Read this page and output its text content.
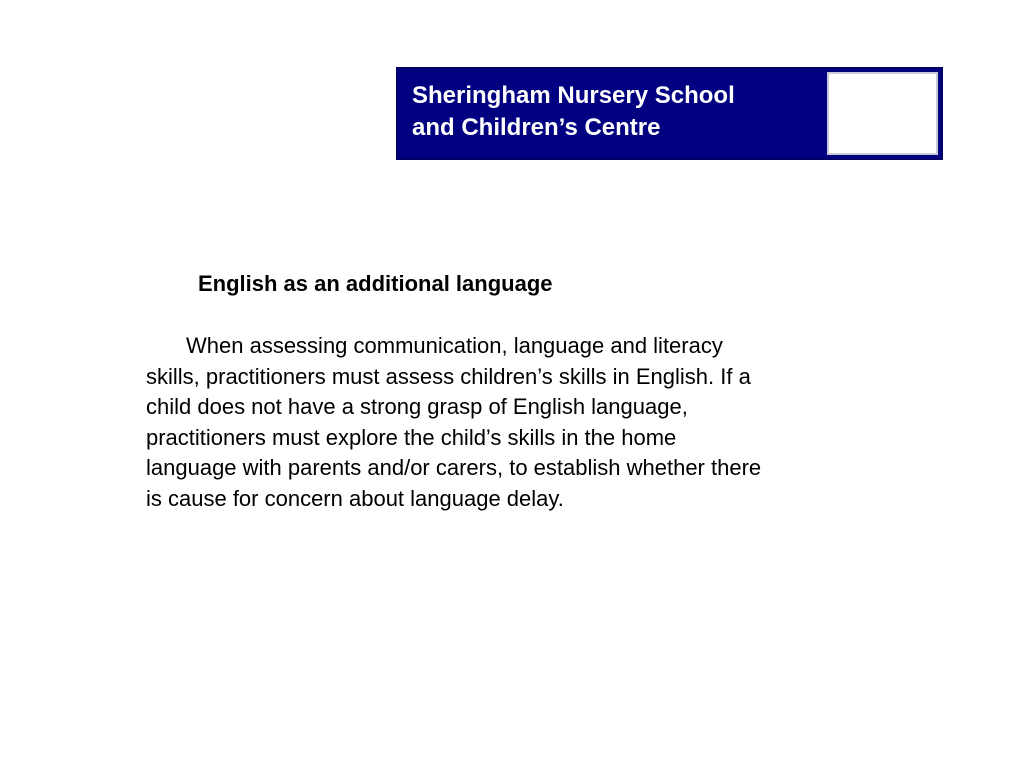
Sheringham Nursery School
and Children’s Centre
English as an additional language

When assessing communication, language and literacy
skills, practitioners must assess children’s skills in English. If a
child does not have a strong grasp of English language,
practitioners must explore the child’s skills in the home
language with parents and/or carers, to establish whether there
is cause for concern about language delay.
